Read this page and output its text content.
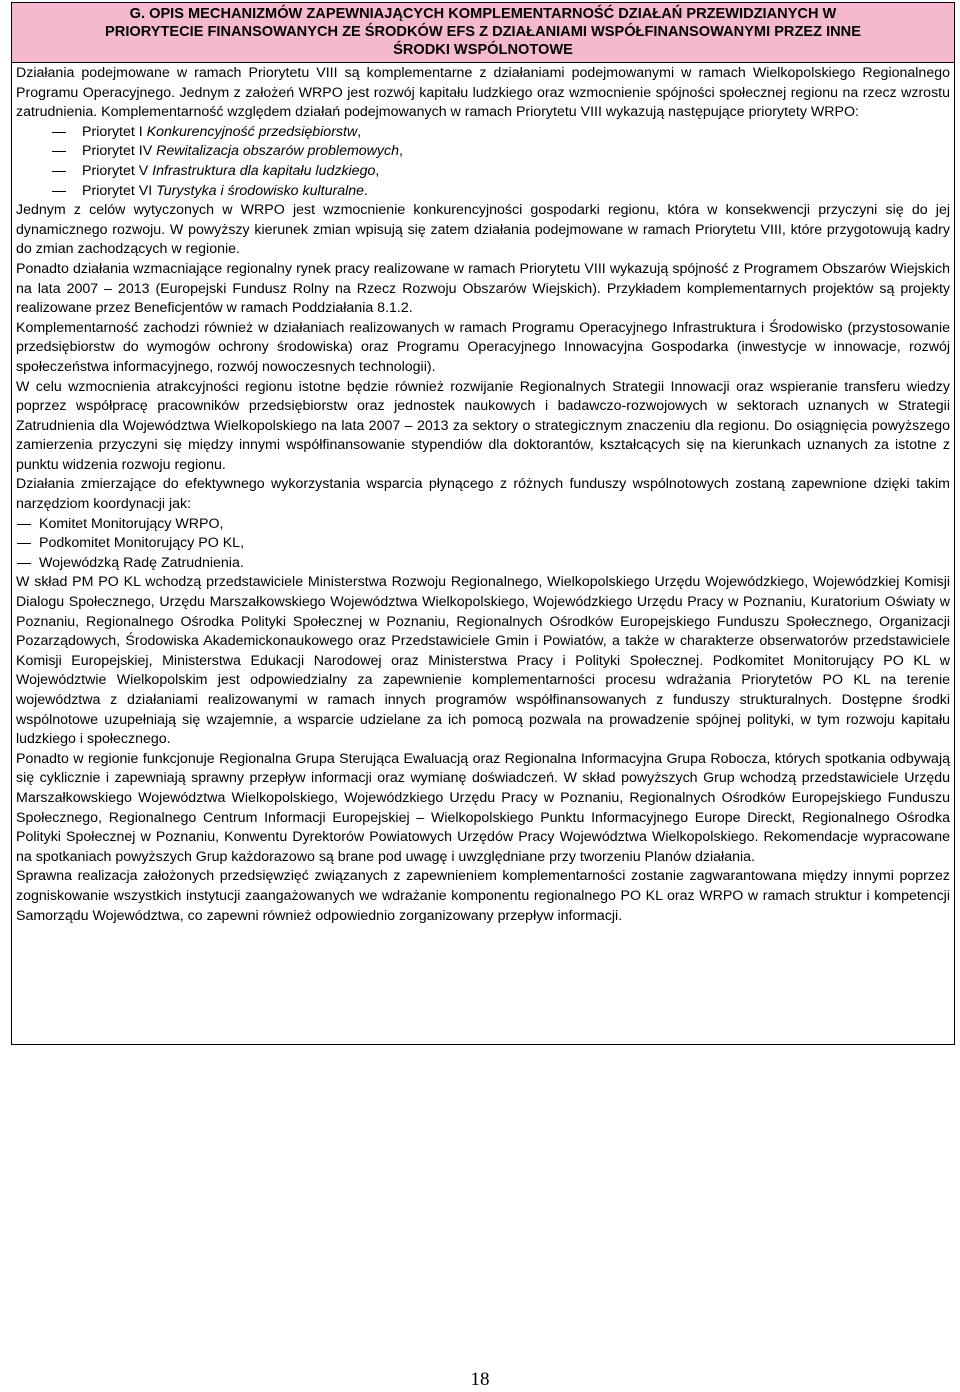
G. OPIS MECHANIZMÓW ZAPEWNIAJĄCYCH KOMPLEMENTARNOŚĆ DZIAŁAŃ PRZEWIDZIANYCH W
PRIORYTECIE FINANSOWANYCH ZE ŚRODKÓW EFS Z DZIAŁANIAMI WSPÓŁFINANSOWANYMI PRZEZ INNE
ŚRODKI WSPÓLNOTOWE

Działania podejmowane w ramach Priorytetu VIII są komplementarne z działaniami podejmowanymi w ramach Wielkopolskiego Regionalnego Programu Operacyjnego. Jednym z założeń WRPO jest rozwój kapitału ludzkiego oraz wzmocnienie spójności społecznej regionu na rzecz wzrostu zatrudnienia. Komplementarność względem działań podejmowanych w ramach Priorytetu VIII wykazują następujące priorytety WRPO:

Priorytet I Konkurencyjność przedsiębiorstw,
Priorytet IV Rewitalizacja obszarów problemowych,
Priorytet V Infrastruktura dla kapitału ludzkiego,
Priorytet VI Turystyka i środowisko kulturalne.

Jednym z celów wytyczonych w WRPO jest wzmocnienie konkurencyjności gospodarki regionu, która w konsekwencji przyczyni się do jej dynamicznego rozwoju. W powyższy kierunek zmian wpisują się zatem działania podejmowane w ramach Priorytetu VIII, które przygotowują kadry do zmian zachodzących w regionie.

Ponadto działania wzmacniające regionalny rynek pracy realizowane w ramach Priorytetu VIII wykazują spójność z Programem Obszarów Wiejskich na lata 2007 – 2013 (Europejski Fundusz Rolny na Rzecz Rozwoju Obszarów Wiejskich). Przykładem komplementarnych projektów są projekty realizowane przez Beneficjentów w ramach Poddziałania 8.1.2.

Komplementarność zachodzi również w działaniach realizowanych w ramach Programu Operacyjnego Infrastruktura i Środowisko (przystosowanie przedsiębiorstw do wymogów ochrony środowiska) oraz Programu Operacyjnego Innowacyjna Gospodarka (inwestycje w innowacje, rozwój społeczeństwa informacyjnego, rozwój nowoczesnych technologii).

W celu wzmocnienia atrakcyjności regionu istotne będzie również rozwijanie Regionalnych Strategii Innowacji oraz wspieranie transferu wiedzy poprzez współpracę pracowników przedsiębiorstw oraz jednostek naukowych i badawczo-rozwojowych w sektorach uznanych w Strategii Zatrudnienia dla Województwa Wielkopolskiego na lata 2007 – 2013 za sektory o strategicznym znaczeniu dla regionu. Do osiągnięcia powyższego zamierzenia przyczyni się między innymi współfinansowanie stypendiów dla doktorantów, kształcących się na kierunkach uznanych za istotne z punktu widzenia rozwoju regionu.

Działania zmierzające do efektywnego wykorzystania wsparcia płynącego z różnych funduszy wspólnotowych zostaną zapewnione dzięki takim narzędziom koordynacji jak:

Komitet Monitorujący WRPO,
Podkomitet Monitorujący PO KL,
Wojewódzką Radę Zatrudnienia.

W skład PM PO KL wchodzą przedstawiciele Ministerstwa Rozwoju Regionalnego, Wielkopolskiego Urzędu Wojewódzkiego, Wojewódzkiej Komisji Dialogu Społecznego, Urzędu Marszałkowskiego Województwa Wielkopolskiego, Wojewódzkiego Urzędu Pracy w Poznaniu, Kuratorium Oświaty w Poznaniu, Regionalnego Ośrodka Polityki Społecznej w Poznaniu, Regionalnych Ośrodków Europejskiego Funduszu Społecznego, Organizacji Pozarządowych, Środowiska Akademickonaukowego oraz Przedstawiciele Gmin i Powiatów, a także w charakterze obserwatorów przedstawiciele Komisji Europejskiej, Ministerstwa Edukacji Narodowej oraz Ministerstwa Pracy i Polityki Społecznej. Podkomitet Monitorujący PO KL w Województwie Wielkopolskim jest odpowiedzialny za zapewnienie komplementarności procesu wdrażania Priorytetów PO KL na terenie województwa z działaniami realizowanymi w ramach innych programów współfinansowanych z funduszy strukturalnych. Dostępne środki wspólnotowe uzupełniają się wzajemnie, a wsparcie udzielane za ich pomocą pozwala na prowadzenie spójnej polityki, w tym rozwoju kapitału ludzkiego i społecznego.

Ponadto w regionie funkcjonuje Regionalna Grupa Sterująca Ewaluacją oraz Regionalna Informacyjna Grupa Robocza, których spotkania odbywają się cyklicznie i zapewniają sprawny przepływ informacji oraz wymianę doświadczeń. W skład powyższych Grup wchodzą przedstawiciele Urzędu Marszałkowskiego Województwa Wielkopolskiego, Wojewódzkiego Urzędu Pracy w Poznaniu, Regionalnych Ośrodków Europejskiego Funduszu Społecznego, Regionalnego Centrum Informacji Europejskiej – Wielkopolskiego Punktu Informacyjnego Europe Direckt, Regionalnego Ośrodka Polityki Społecznej w Poznaniu, Konwentu Dyrektorów Powiatowych Urzędów Pracy Województwa Wielkopolskiego. Rekomendacje wypracowane na spotkaniach powyższych Grup każdorazowo są brane pod uwagę i uwzględniane przy tworzeniu Planów działania.

Sprawna realizacja założonych przedsięwzięć związanych z zapewnieniem komplementarności zostanie zagwarantowana między innymi poprzez zogniskowanie wszystkich instytucji zaangażowanych we wdrażanie komponentu regionalnego PO KL oraz WRPO w ramach struktur i kompetencji Samorządu Województwa, co zapewni również odpowiednio zorganizowany przepływ informacji.

18
